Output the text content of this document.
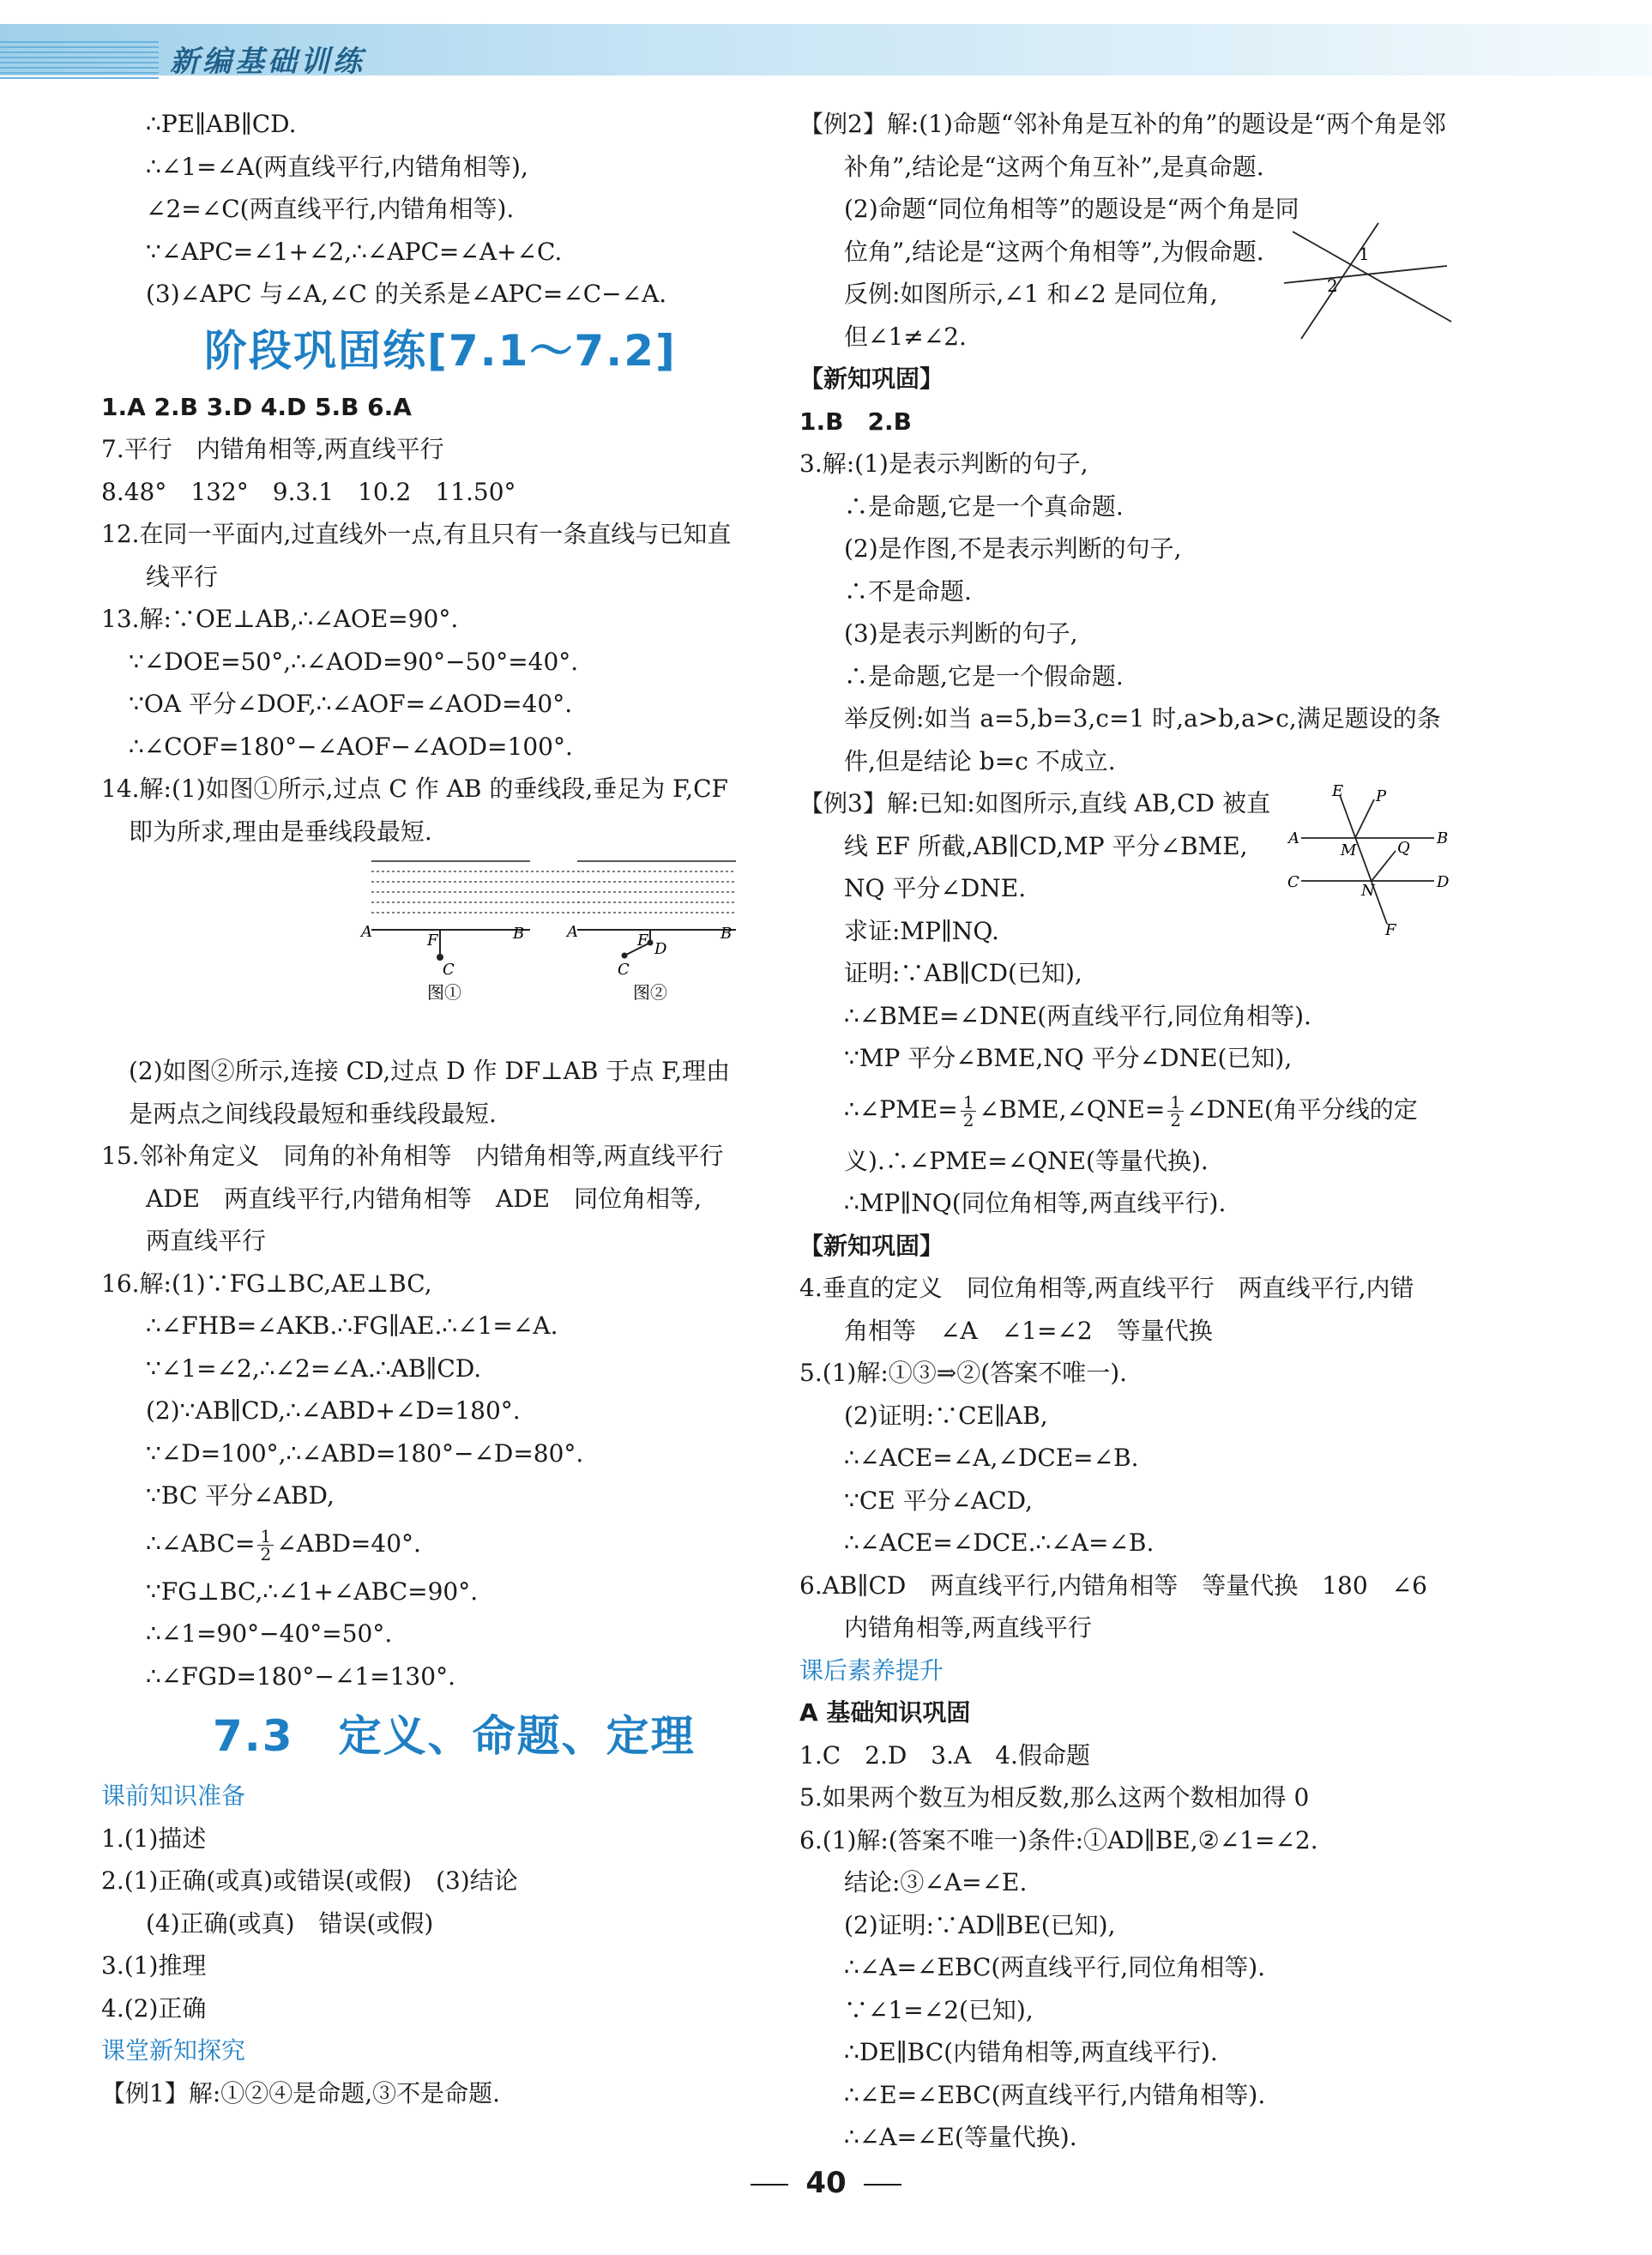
新编基础训练
∴PE∥AB∥CD.
∴∠1=∠A(两直线平行,内错角相等),
∠2=∠C(两直线平行,内错角相等).
∵∠APC=∠1+∠2,∴∠APC=∠A+∠C.
(3)∠APC 与∠A,∠C 的关系是∠APC=∠C−∠A.
阶段巩固练[7.1～7.2]
1.A 2.B 3.D 4.D 5.B 6.A
7.平行　内错角相等,两直线平行
8.48°　132°　9.3.1　10.2　11.50°
12.在同一平面内,过直线外一点,有且只有一条直线与已知直
线平行
13.解:∵OE⊥AB,∴∠AOE=90°.
∵∠DOE=50°,∴∠AOD=90°−50°=40°.
∵OA 平分∠DOF,∴∠AOF=∠AOD=40°.
∴∠COF=180°−∠AOF−∠AOD=100°.
14.解:(1)如图①所示,过点 C 作 AB 的垂线段,垂足为 F,CF
即为所求,理由是垂线段最短.
A	B
F
C
图①
A	B
F D
C
图②
(2)如图②所示,连接 CD,过点 D 作 DF⊥AB 于点 F,理由
是两点之间线段最短和垂线段最短.
15.邻补角定义　同角的补角相等　内错角相等,两直线平行
ADE　两直线平行,内错角相等　ADE　同位角相等,
两直线平行
16.解:(1)∵FG⊥BC,AE⊥BC,
∴∠FHB=∠AKB.∴FG∥AE.∴∠1=∠A.
∵∠1=∠2,∴∠2=∠A.∴AB∥CD.
(2)∵AB∥CD,∴∠ABD+∠D=180°.
∵∠D=100°,∴∠ABD=180°−∠D=80°.
∵BC 平分∠ABD,
∴∠ABC= $\frac{1}{2}$ ∠ABD=40°.
∵FG⊥BC,∴∠1+∠ABC=90°.
∴∠1=90°−40°=50°.
∴∠FGD=180°−∠1=130°.
7.3　定义、命题、定理
课前知识准备
1.(1)描述
2.(1)正确(或真)或错误(或假)　(3)结论
(4)正确(或真)　错误(或假)
3.(1)推理
4.(2)正确
课堂新知探究
【例1】解:①②④是命题,③不是命题.
【例2】解:(1)命题“邻补角是互补的角”的题设是“两个角是邻
补角”,结论是“这两个角互补”,是真命题.
(2)命题“同位角相等”的题设是“两个角是同
位角”,结论是“这两个角相等”,为假命题.
反例:如图所示,∠1 和∠2 是同位角,
但∠1≠∠2.
1
2
【新知巩固】
1.B　2.B
3.解:(1)是表示判断的句子,
∴是命题,它是一个真命题.
(2)是作图,不是表示判断的句子,
∴不是命题.
(3)是表示判断的句子,
∴是命题,它是一个假命题.
举反例:如当 a=5,b=3,c=1 时,a>b,a>c,满足题设的条
件,但是结论 b=c 不成立.
【例3】解:已知:如图所示,直线 AB,CD 被直
线 EF 所截,AB∥CD,MP 平分∠BME,
NQ 平分∠DNE.
求证:MP∥NQ.
证明:∵AB∥CD(已知),
∴∠BME=∠DNE(两直线平行,同位角相等).
∵MP 平分∠BME,NQ 平分∠DNE(已知),
E P
A	B
M	Q
C	N	D
F
∴∠PME= $\frac{1}{2}$ ∠BME,∠QNE= $\frac{1}{2}$ ∠DNE(角平分线的定
义).∴∠PME=∠QNE(等量代换).
∴MP∥NQ(同位角相等,两直线平行).
【新知巩固】
4.垂直的定义　同位角相等,两直线平行　两直线平行,内错
角相等　∠A　∠1=∠2　等量代换
5.(1)解:①③⇒②(答案不唯一).
(2)证明:∵CE∥AB,
∴∠ACE=∠A,∠DCE=∠B.
∵CE 平分∠ACD,
∴∠ACE=∠DCE.∴∠A=∠B.
6.AB∥CD　两直线平行,内错角相等　等量代换　180　∠6
内错角相等,两直线平行
课后素养提升
A 基础知识巩固
1.C　2.D　3.A　4.假命题
5.如果两个数互为相反数,那么这两个数相加得 0
6.(1)解:(答案不唯一)条件:①AD∥BE,②∠1=∠2.
结论:③∠A=∠E.
(2)证明:∵AD∥BE(已知),
∴∠A=∠EBC(两直线平行,同位角相等).
∵∠1=∠2(已知),
∴DE∥BC(内错角相等,两直线平行).
∴∠E=∠EBC(两直线平行,内错角相等).
∴∠A=∠E(等量代换).
40
